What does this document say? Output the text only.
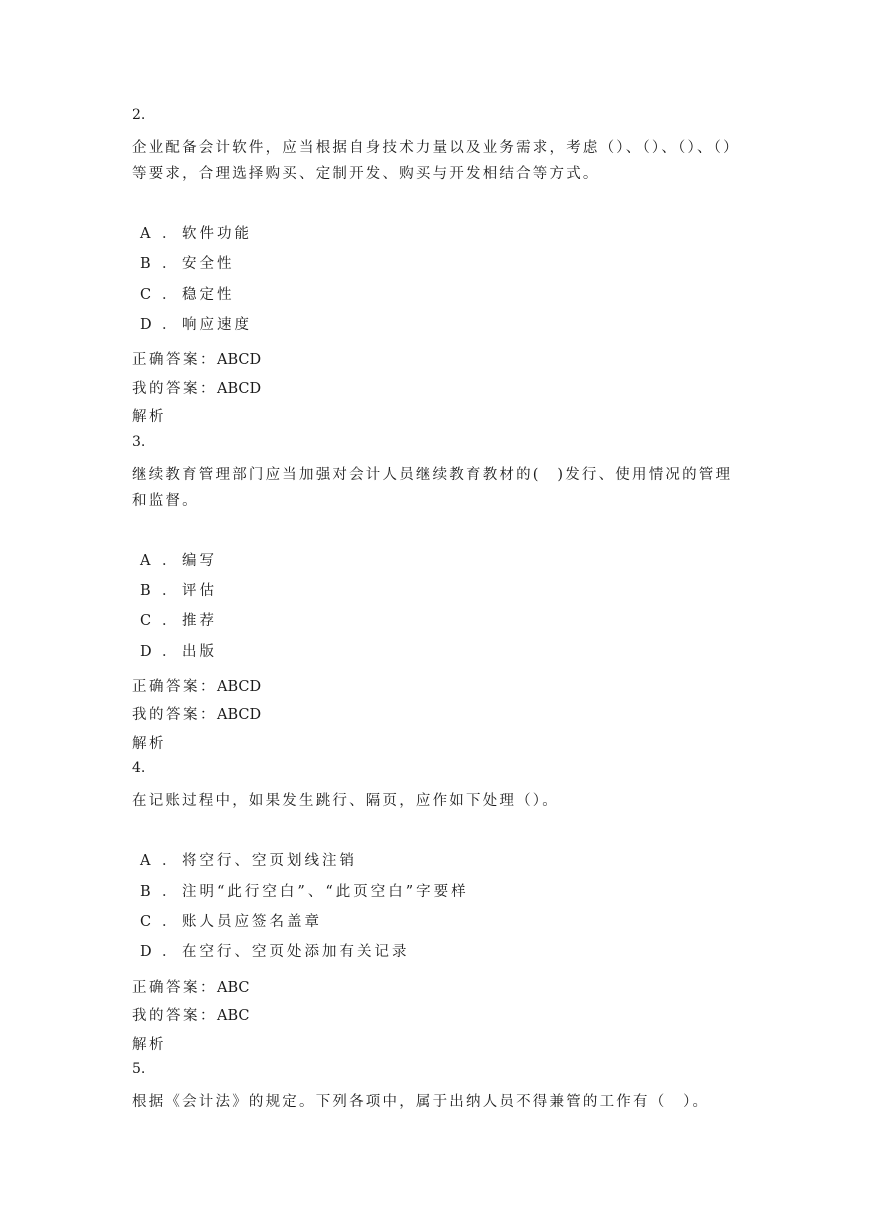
2.
企业配备会计软件，应当根据自身技术力量以及业务需求，考虑（）、（）、（）、（）等要求，合理选择购买、定制开发、购买与开发相结合等方式。
A ． 软件功能
B ． 安全性
C ． 稳定性
D ． 响应速度
正确答案：ABCD
我的答案：ABCD
解析
3.
继续教育管理部门应当加强对会计人员继续教育教材的(　)发行、使用情况的管理和监督。
A ． 编写
B ． 评估
C ． 推荐
D ． 出版
正确答案：ABCD
我的答案：ABCD
解析
4.
在记账过程中，如果发生跳行、隔页，应作如下处理（）。
A ． 将空行、空页划线注销
B ． 注明“此行空白”、“此页空白”字要样
C ． 账人员应签名盖章
D ． 在空行、空页处添加有关记录
正确答案：ABC
我的答案：ABC
解析
5.
根据《会计法》的规定。下列各项中，属于出纳人员不得兼管的工作有（　）。
